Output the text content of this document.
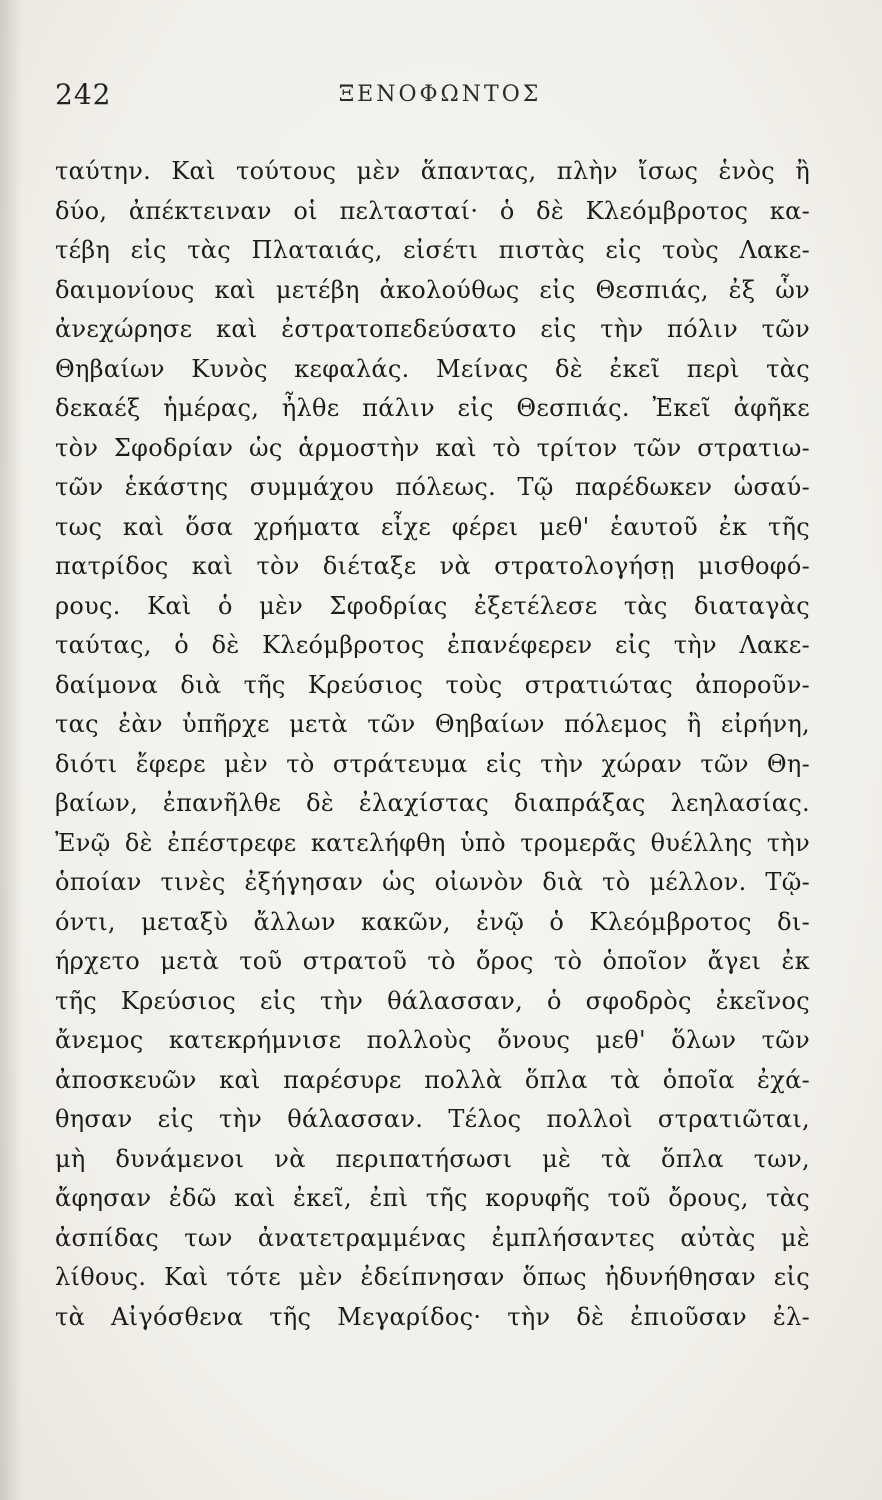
242	ΞΕΝΟΦΩΝΤΟΣ
ταύτην. Καὶ τούτους μὲν ἅπαντας, πλὴν ἴσως ἑνὸς ἢ
δύο, ἀπέκτειναν οἱ πελτασταί· ὁ δὲ Κλεόμβροτος κα-
τέβη εἰς τὰς Πλαταιάς, εἰσέτι πιστὰς εἰς τοὺς Λακε-
δαιμονίους καὶ μετέβη ἀκολούθως εἰς Θεσπιάς, ἐξ ὧν
ἀνεχώρησε καὶ ἐστρατοπεδεύσατο εἰς τὴν πόλιν τῶν
Θηβαίων Κυνὸς κεφαλάς. Μείνας δὲ ἐκεῖ περὶ τὰς
δεκαέξ ἡμέρας, ἦλθε πάλιν εἰς Θεσπιάς. Ἐκεῖ ἀφῆκε
τὸν Σφοδρίαν ὡς ἁρμοστὴν καὶ τὸ τρίτον τῶν στρατιω-
τῶν ἑκάστης συμμάχου πόλεως. Τῷ παρέδωκεν ὡσαύ-
τως καὶ ὅσα χρήματα εἶχε φέρει μεθ' ἑαυτοῦ ἐκ τῆς
πατρίδος καὶ τὸν διέταξε νὰ στρατολογήσῃ μισθοφό-
ρους. Καὶ ὁ μὲν Σφοδρίας ἐξετέλεσε τὰς διαταγὰς
ταύτας, ὁ δὲ Κλεόμβροτος ἐπανέφερεν εἰς τὴν Λακε-
δαίμονα διὰ τῆς Κρεύσιος τοὺς στρατιώτας ἀποροῦν-
τας ἐὰν ὑπῆρχε μετὰ τῶν Θηβαίων πόλεμος ἢ εἰρήνη,
διότι ἔφερε μὲν τὸ στράτευμα εἰς τὴν χώραν τῶν Θη-
βαίων, ἐπανῆλθε δὲ ἐλαχίστας διαπράξας λεηλασίας.
Ἐνῷ δὲ ἐπέστρεφε κατελήφθη ὑπὸ τρομερᾶς θυέλλης τὴν
ὁποίαν τινὲς ἐξήγησαν ὡς οἰωνὸν διὰ τὸ μέλλον. Τῷ-
όντι, μεταξὺ ἄλλων κακῶν, ἐνῷ ὁ Κλεόμβροτος δι-
ήρχετο μετὰ τοῦ στρατοῦ τὸ ὄρος τὸ ὁποῖον ἄγει ἐκ
τῆς Κρεύσιος εἰς τὴν θάλασσαν, ὁ σφοδρὸς ἐκεῖνος
ἄνεμος κατεκρήμνισε πολλοὺς ὄνους μεθ' ὅλων τῶν
ἀποσκευῶν καὶ παρέσυρε πολλὰ ὅπλα τὰ ὁποῖα ἐχά-
θησαν εἰς τὴν θάλασσαν. Τέλος πολλοὶ στρατιῶται,
μὴ δυνάμενοι νὰ περιπατήσωσι μὲ τὰ ὅπλα των,
ἄφησαν ἐδῶ καὶ ἐκεῖ, ἐπὶ τῆς κορυφῆς τοῦ ὄρους, τὰς
ἀσπίδας των ἀνατετραμμένας ἐμπλήσαντες αὐτὰς μὲ
λίθους. Καὶ τότε μὲν ἐδείπνησαν ὅπως ἠδυνήθησαν εἰς
τὰ Αἰγόσθενα τῆς Μεγαρίδος· τὴν δὲ ἐπιοῦσαν ἐλ-
